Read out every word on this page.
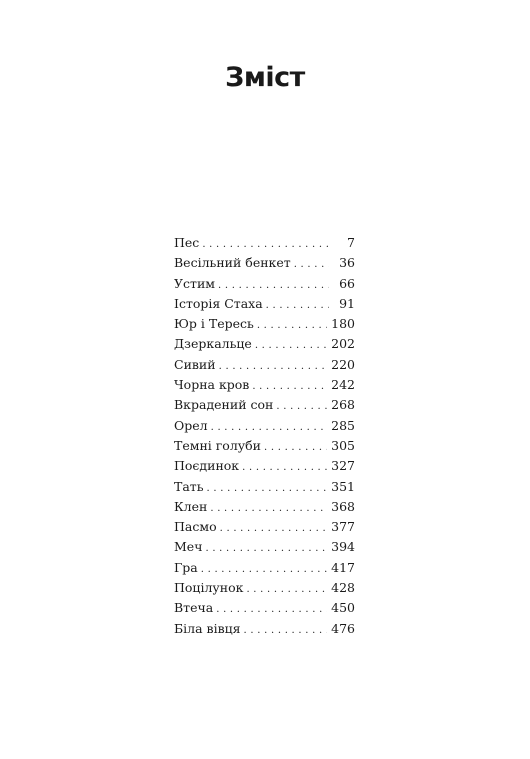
Зміст
Пес . . .	7
Весільний бенкет . . .	36
Устим . . .	66
Історія Стаха . . .	91
Юр і Тересь . . .	180
Дзеркальце . . .	202
Сивий . . .	220
Чорна кров . . .	242
Вкрадений сон . . .	268
Орел . . .	285
Темні голуби . . .	305
Поєдинок . . .	327
Тать . . .	351
Клен . . .	368
Пасмо . . .	377
Меч . . .	394
Гра . . .	417
Поцілунок . . .	428
Втеча . . .	450
Біла вівця . . .	476
